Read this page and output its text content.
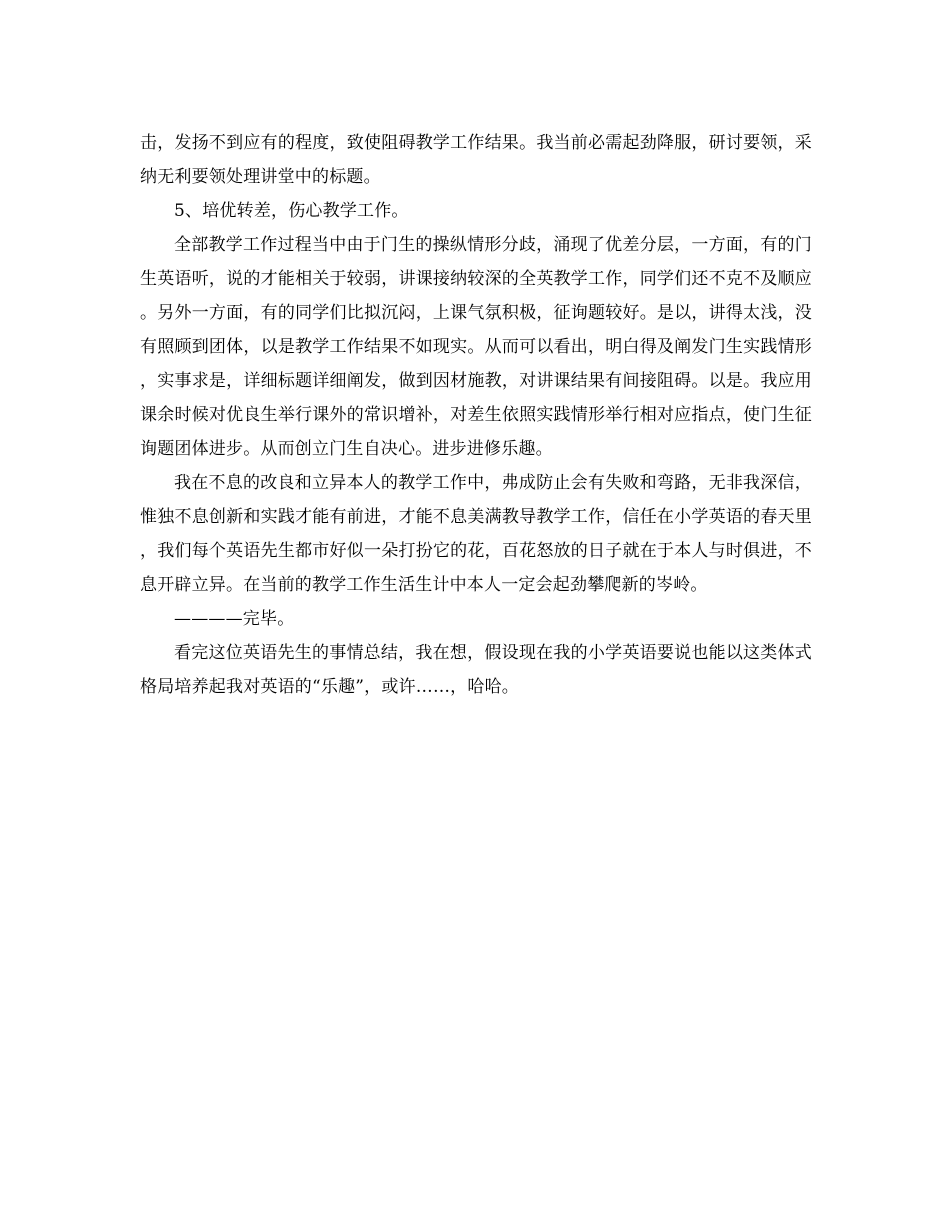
击，发扬不到应有的程度，致使阻碍教学工作结果。我当前必需起劲降服，研讨要领，采纳无利要领处理讲堂中的标题。

5、培优转差，伤心教学工作。

全部教学工作过程当中由于门生的操纵情形分歧，涌现了优差分层，一方面，有的门生英语听，说的才能相关于较弱，讲课接纳较深的全英教学工作，同学们还不克不及顺应。另外一方面，有的同学们比拟沉闷，上课气氛积极，征询题较好。是以，讲得太浅，没有照顾到团体，以是教学工作结果不如现实。从而可以看出，明白得及阐发门生实践情形，实事求是，详细标题详细阐发，做到因材施教，对讲课结果有间接阻碍。以是。我应用课余时候对优良生举行课外的常识增补，对差生依照实践情形举行相对应指点，使门生征询题团体进步。从而创立门生自决心。进步进修乐趣。

我在不息的改良和立异本人的教学工作中，弗成防止会有失败和弯路，无非我深信，惟独不息创新和实践才能有前进，才能不息美满教导教学工作，信任在小学英语的春天里，我们每个英语先生都市好似一朵打扮它的花，百花怒放的日子就在于本人与时俱进，不息开辟立异。在当前的教学工作生活生计中本人一定会起劲攀爬新的岑岭。

————完毕。

看完这位英语先生的事情总结，我在想，假设现在我的小学英语要说也能以这类体式格局培养起我对英语的“乐趣”，或许……，哈哈。
